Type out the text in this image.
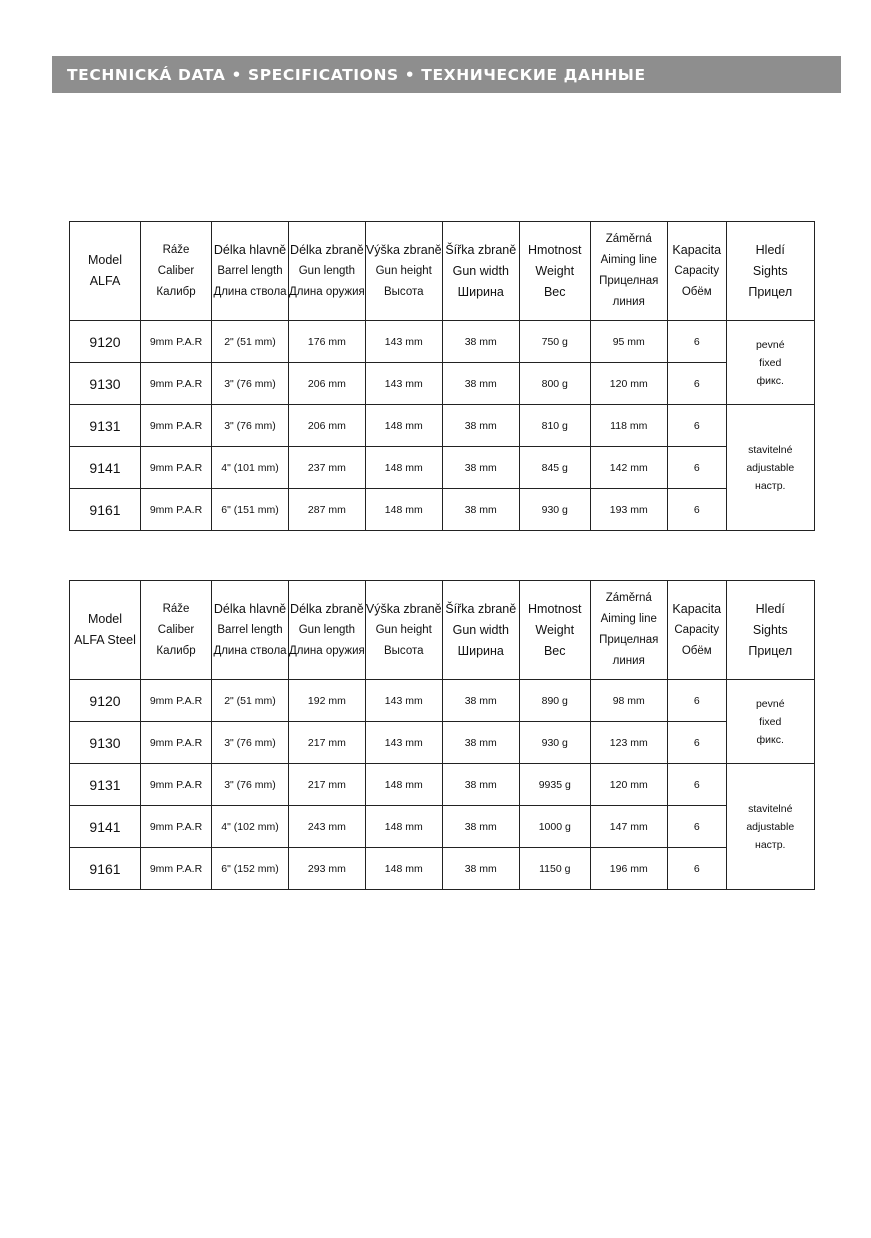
TECHNICKÁ DATA • SPECIFICATIONS • ТЕХНИЧЕСКИЕ ДАННЫЕ
Model
ALFA	Ráže
Caliber
Калибр	Délka hlavně
Barrel length
Длина ствола	Délka zbraně
Gun length
Длина оружия	Výška zbraně
Gun height
Высота	Šířka zbraně
Gun width
Ширина	Hmotnost
Weight
Вес	Záměrná
Aiming line
Прицелная
линия	Kapacita
Capacity
Обём	Hledí
Sights
Прицел

9120	9mm P.A.R	2" (51 mm)	176 mm	143 mm	38 mm	750 g	95 mm	6	pevné
fixed
фикс.

9130	9mm P.A.R	3" (76 mm)	206 mm	143 mm	38 mm	800 g	120 mm	6	
9131	9mm P.A.R	3" (76 mm)	206 mm	148 mm	38 mm	810 g	118 mm	6	stavitelné
adjustable
настр.

9141	9mm P.A.R	4" (101 mm)	237 mm	148 mm	38 mm	845 g	142 mm	6	
9161	9mm P.A.R	6" (151 mm)	287 mm	148 mm	38 mm	930 g	193 mm	6	
Model
ALFA Steel	Ráže
Caliber
Калибр	Délka hlavně
Barrel length
Длина ствола	Délka zbraně
Gun length
Длина оружия	Výška zbraně
Gun height
Высота	Šířka zbraně
Gun width
Ширина	Hmotnost
Weight
Вес	Záměrná
Aiming line
Прицелная
линия	Kapacita
Capacity
Обём	Hledí
Sights
Прицел

9120	9mm P.A.R	2" (51 mm)	192 mm	143 mm	38 mm	890 g	98 mm	6	pevné
fixed
фикс.

9130	9mm P.A.R	3" (76 mm)	217 mm	143 mm	38 mm	930 g	123 mm	6	
9131	9mm P.A.R	3" (76 mm)	217 mm	148 mm	38 mm	9935 g	120 mm	6	stavitelné
adjustable
настр.

9141	9mm P.A.R	4" (102 mm)	243 mm	148 mm	38 mm	1000 g	147 mm	6	
9161	9mm P.A.R	6" (152 mm)	293 mm	148 mm	38 mm	1150 g	196 mm	6	
